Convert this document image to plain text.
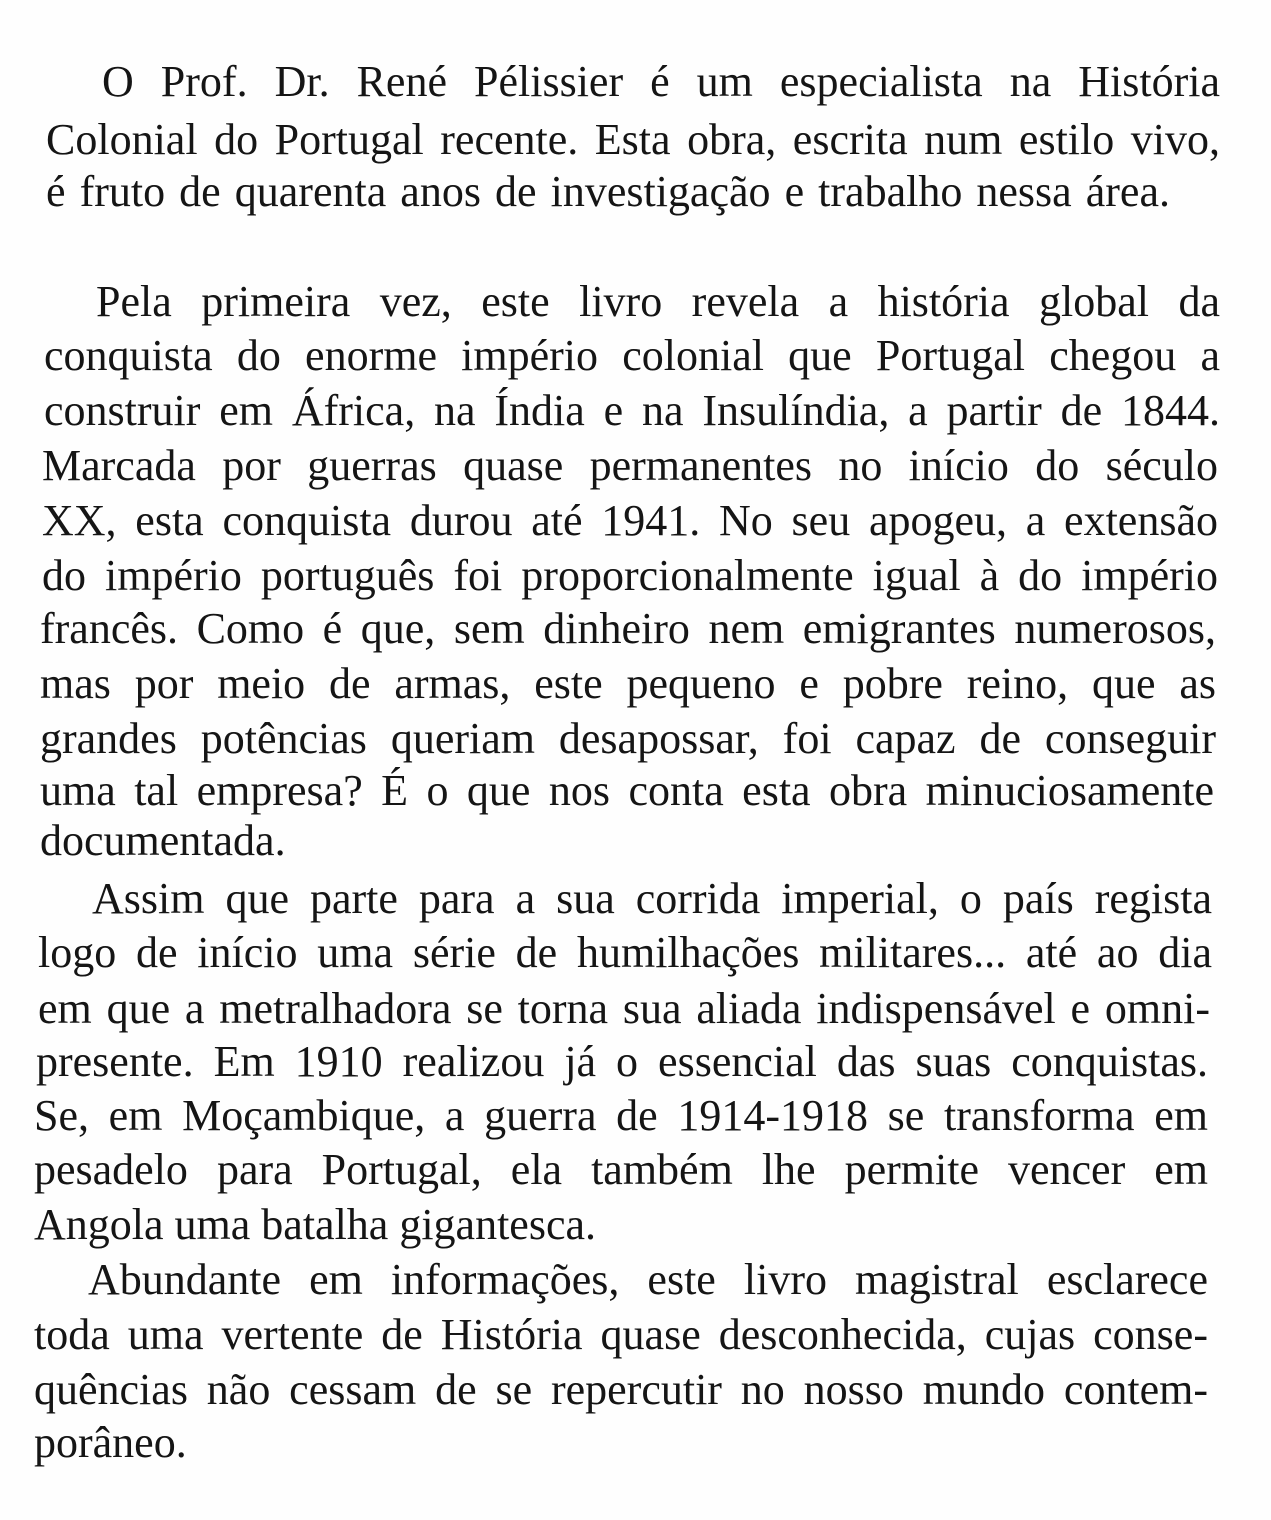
O Prof. Dr. René Pélissier é um especialista na História
Colonial do Portugal recente. Esta obra, escrita num estilo vivo,
é fruto de quarenta anos de investigação e trabalho nessa área.
Pela primeira vez, este livro revela a história global da
conquista do enorme império colonial que Portugal chegou a
construir em África, na Índia e na Insulíndia, a partir de 1844.
Marcada por guerras quase permanentes no início do século
XX, esta conquista durou até 1941. No seu apogeu, a extensão
do império português foi proporcionalmente igual à do império
francês. Como é que, sem dinheiro nem emigrantes numerosos,
mas por meio de armas, este pequeno e pobre reino, que as
grandes potências queriam desapossar, foi capaz de conseguir
uma tal empresa? É o que nos conta esta obra minuciosamente
documentada.
Assim que parte para a sua corrida imperial, o país regista
logo de início uma série de humilhações militares... até ao dia
em que a metralhadora se torna sua aliada indispensável e omni-
presente. Em 1910 realizou já o essencial das suas conquistas.
Se, em Moçambique, a guerra de 1914-1918 se transforma em
pesadelo para Portugal, ela também lhe permite vencer em
Angola uma batalha gigantesca.
Abundante em informações, este livro magistral esclarece
toda uma vertente de História quase desconhecida, cujas conse-
quências não cessam de se repercutir no nosso mundo contem-
porâneo.
